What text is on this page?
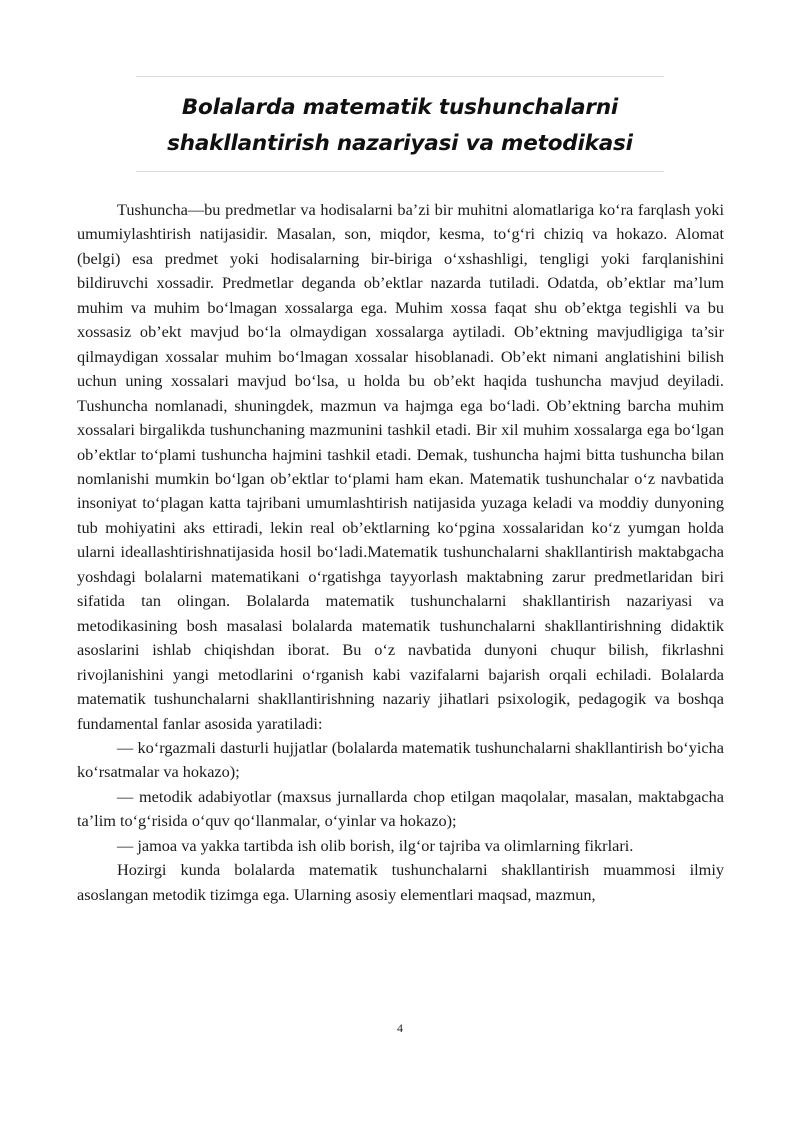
Bolalarda matematik tushunchalarni
shakllantirish nazariyasi va metodikasi

Tushuncha—bu predmetlar va hodisalarni ba’zi bir muhitni alomatlariga ko‘ra farqlash yoki umumiylashtirish natijasidir. Masalan, son, miqdor, kesma, to‘g‘ri chiziq va hokazo. Alomat (belgi) esa predmet yoki hodisalarning bir-biriga o‘xshashligi, tengligi yoki farqlanishini bildiruvchi xossadir. Predmetlar deganda ob’ektlar nazarda tutiladi. Odatda, ob’ektlar ma’lum muhim va muhim bo‘lmagan xossalarga ega. Muhim xossa faqat shu ob’ektga tegishli va bu xossasiz ob’ekt mavjud bo‘la olmaydigan xossalarga aytiladi. Ob’ektning mavjudligiga ta’sir qilmaydigan xossalar muhim bo‘lmagan xossalar hisoblanadi. Ob’ekt nimani anglatishini bilish uchun uning xossalari mavjud bo‘lsa, u holda bu ob’ekt haqida tushuncha mavjud deyiladi. Tushuncha nomlanadi, shuningdek, mazmun va hajmga ega bo‘ladi. Ob’ektning barcha muhim xossalari birgalikda tushunchaning mazmunini tashkil etadi. Bir xil muhim xossalarga ega bo‘lgan ob’ektlar to‘plami tushuncha hajmini tashkil etadi. Demak, tushuncha hajmi bitta tushuncha bilan nomlanishi mumkin bo‘lgan ob’ektlar to‘plami ham ekan. Matematik tushunchalar o‘z navbatida insoniyat to‘plagan katta tajribani umumlashtirish natijasida yuzaga keladi va moddiy dunyoning tub mohiyatini aks ettiradi, lekin real ob’ektlarning ko‘pgina xossalaridan ko‘z yumgan holda ularni ideallashtirishnatijasida hosil bo‘ladi.Matematik tushunchalarni shakllantirish maktabgacha yoshdagi bolalarni matematikani o‘rgatishga tayyorlash maktabning zarur predmetlaridan biri sifatida tan olingan. Bolalarda matematik tushunchalarni shakllantirish nazariyasi va metodikasining bosh masalasi bolalarda matematik tushunchalarni shakllantirishning didaktik asoslarini ishlab chiqishdan iborat. Bu o‘z navbatida dunyoni chuqur bilish, fikrlashni rivojlanishini yangi metodlarini o‘rganish kabi vazifalarni bajarish orqali echiladi. Bolalarda matematik tushunchalarni shakllantirishning nazariy jihatlari psixologik, pedagogik va boshqa fundamental fanlar asosida yaratiladi:

— ko‘rgazmali dasturli hujjatlar (bolalarda matematik tushunchalarni shakllantirish bo‘yicha ko‘rsatmalar va hokazo);

— metodik adabiyotlar (maxsus jurnallarda chop etilgan maqolalar, masalan, maktabgacha ta’lim to‘g‘risida o‘quv qo‘llanmalar, o‘yinlar va hokazo);

— jamoa va yakka tartibda ish olib borish, ilg‘or tajriba va olimlarning fikrlari.

Hozirgi kunda bolalarda matematik tushunchalarni shakllantirish muammosi ilmiy asoslangan metodik tizimga ega. Ularning asosiy elementlari maqsad, mazmun,

4
